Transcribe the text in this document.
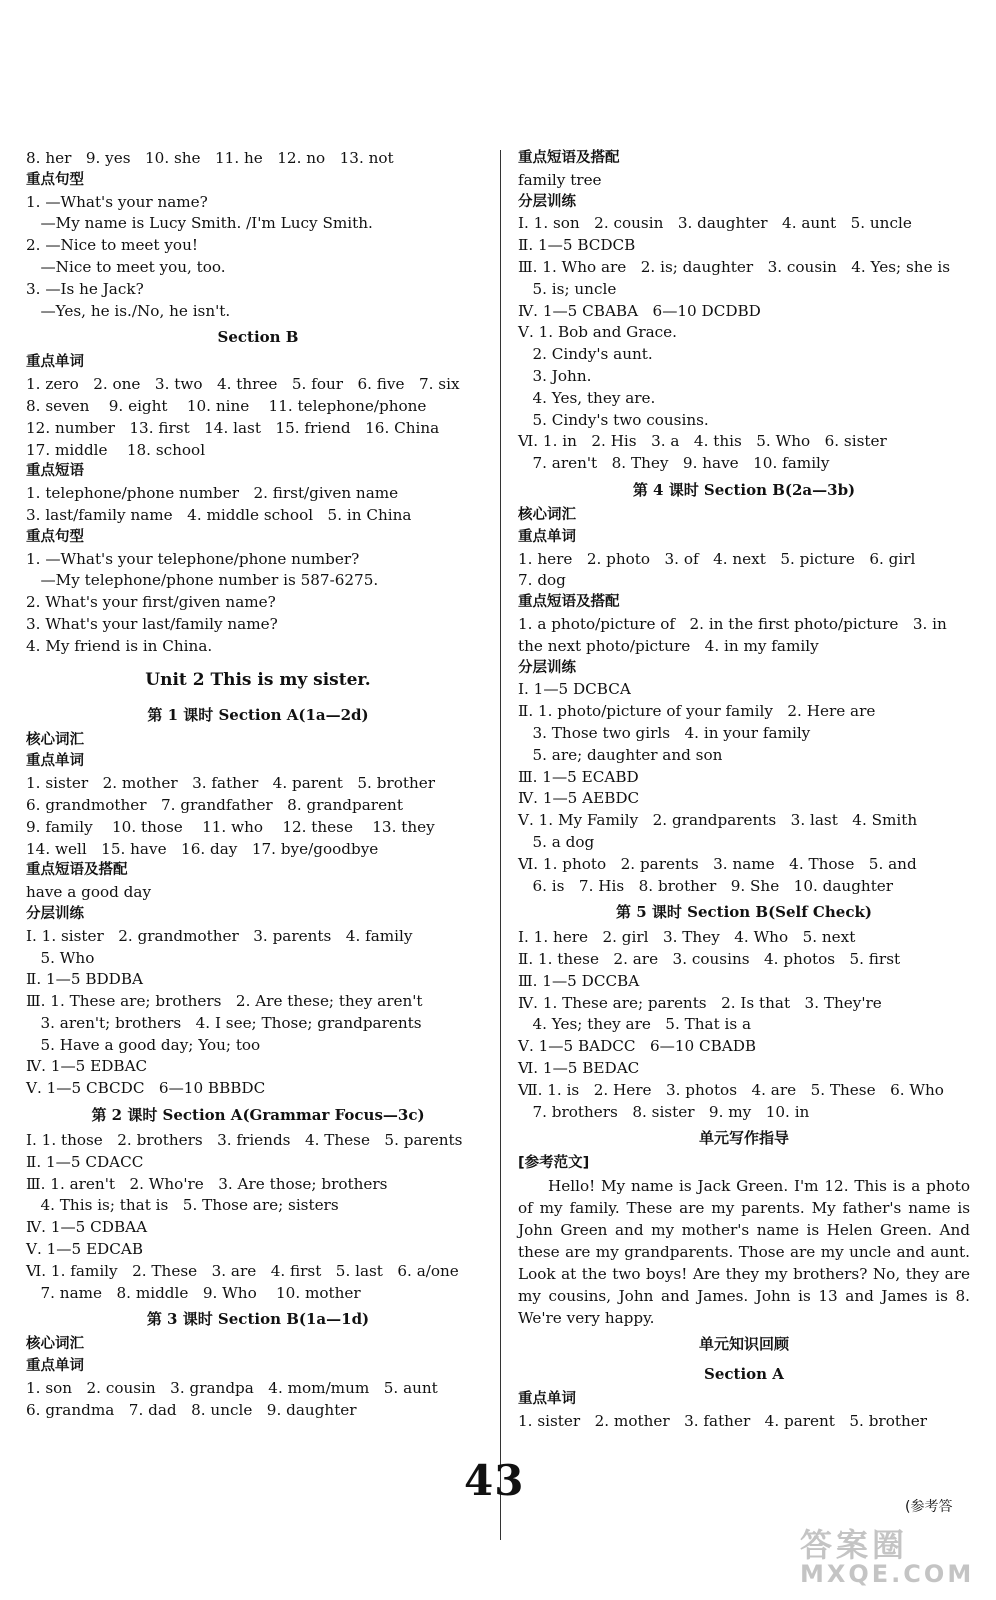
8. her   9. yes   10. she   11. he   12. no   13. not
重点句型
1. —What's your name?
—My name is Lucy Smith. /I'm Lucy Smith.
2. —Nice to meet you!
—Nice to meet you, too.
3. —Is he Jack?
—Yes, he is./No, he isn't.
Section B
重点单词
1. zero   2. one   3. two   4. three   5. four   6. five   7. six
8. seven    9. eight    10. nine    11. telephone/phone
12. number   13. first   14. last   15. friend   16. China
17. middle    18. school
重点短语
1. telephone/phone number   2. first/given name
3. last/family name   4. middle school   5. in China
重点句型
1. —What's your telephone/phone number?
—My telephone/phone number is 587-6275.
2. What's your first/given name?
3. What's your last/family name?
4. My friend is in China.
Unit 2 This is my sister.
第 1 课时 Section A(1a—2d)
核心词汇
重点单词
1. sister   2. mother   3. father   4. parent   5. brother
6. grandmother   7. grandfather   8. grandparent
9. family    10. those    11. who    12. these    13. they
14. well   15. have   16. day   17. bye/goodbye
重点短语及搭配
have a good day
分层训练
Ⅰ. 1. sister   2. grandmother   3. parents   4. family
5. Who
Ⅱ. 1—5 BDDBA
Ⅲ. 1. These are; brothers   2. Are these; they aren't
3. aren't; brothers   4. I see; Those; grandparents
5. Have a good day; You; too
Ⅳ. 1—5 EDBAC
Ⅴ. 1—5 CBCDC   6—10 BBBDC
第 2 课时 Section A(Grammar Focus—3c)
Ⅰ. 1. those   2. brothers   3. friends   4. These   5. parents
Ⅱ. 1—5 CDACC
Ⅲ. 1. aren't   2. Who're   3. Are those; brothers
4. This is; that is   5. Those are; sisters
Ⅳ. 1—5 CDBAA
Ⅴ. 1—5 EDCAB
Ⅵ. 1. family   2. These   3. are   4. first   5. last   6. a/one
7. name   8. middle   9. Who    10. mother
第 3 课时 Section B(1a—1d)
核心词汇
重点单词
1. son   2. cousin   3. grandpa   4. mom/mum   5. aunt
6. grandma   7. dad   8. uncle   9. daughter
重点短语及搭配
family tree
分层训练
Ⅰ. 1. son   2. cousin   3. daughter   4. aunt   5. uncle
Ⅱ. 1—5 BCDCB
Ⅲ. 1. Who are   2. is; daughter   3. cousin   4. Yes; she is
5. is; uncle
Ⅳ. 1—5 CBABA   6—10 DCDBD
Ⅴ. 1. Bob and Grace.
2. Cindy's aunt.
3. John.
4. Yes, they are.
5. Cindy's two cousins.
Ⅵ. 1. in   2. His   3. a   4. this   5. Who   6. sister
7. aren't   8. They   9. have   10. family
第 4 课时 Section B(2a—3b)
核心词汇
重点单词
1. here   2. photo   3. of   4. next   5. picture   6. girl
7. dog
重点短语及搭配
1. a photo/picture of   2. in the first photo/picture   3. in
the next photo/picture   4. in my family
分层训练
Ⅰ. 1—5 DCBCA
Ⅱ. 1. photo/picture of your family   2. Here are
3. Those two girls   4. in your family
5. are; daughter and son
Ⅲ. 1—5 ECABD
Ⅳ. 1—5 AEBDC
Ⅴ. 1. My Family   2. grandparents   3. last   4. Smith
5. a dog
Ⅵ. 1. photo   2. parents   3. name   4. Those   5. and
6. is   7. His   8. brother   9. She   10. daughter
第 5 课时 Section B(Self Check)
Ⅰ. 1. here   2. girl   3. They   4. Who   5. next
Ⅱ. 1. these   2. are   3. cousins   4. photos   5. first
Ⅲ. 1—5 DCCBA
Ⅳ. 1. These are; parents   2. Is that   3. They're
4. Yes; they are   5. That is a
Ⅴ. 1—5 BADCC   6—10 CBADB
Ⅵ. 1—5 BEDAC
Ⅶ. 1. is   2. Here   3. photos   4. are   5. These   6. Who
7. brothers   8. sister   9. my   10. in
单元写作指导
[参考范文]
Hello! My name is Jack Green. I'm 12. This is a photo of my family. These are my parents. My father's name is John Green and my mother's name is Helen Green. And these are my grandparents. Those are my uncle and aunt. Look at the two boys! Are they my brothers? No, they are my cousins, John and James. John is 13 and James is 8. We're very happy.
单元知识回顾
Section A
重点单词
1. sister   2. mother   3. father   4. parent   5. brother
43
(参考答
答案圈
MXQE.COM
